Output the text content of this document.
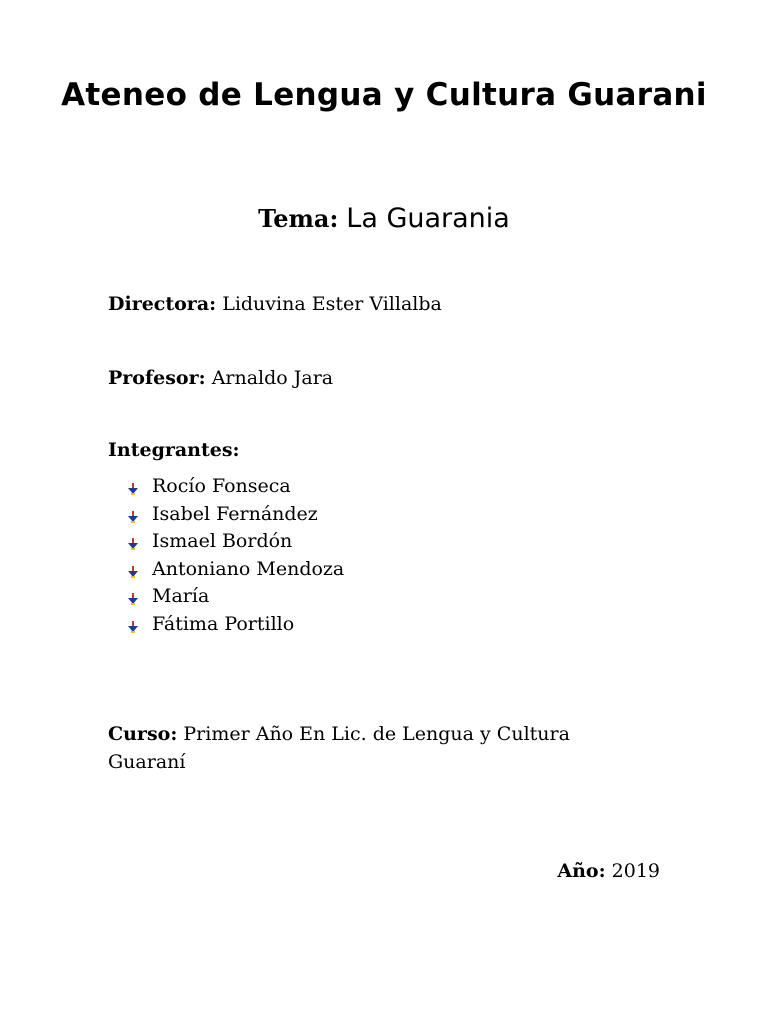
Ateneo de Lengua y Cultura Guarani
Tema: La Guarania
Directora: Liduvina Ester Villalba
Profesor: Arnaldo Jara
Integrantes:
Rocío Fonseca
Isabel Fernández
Ismael Bordón
Antoniano Mendoza
María
Fátima Portillo
Curso: Primer Año En Lic. de Lengua y Cultura Guaraní
Año: 2019
